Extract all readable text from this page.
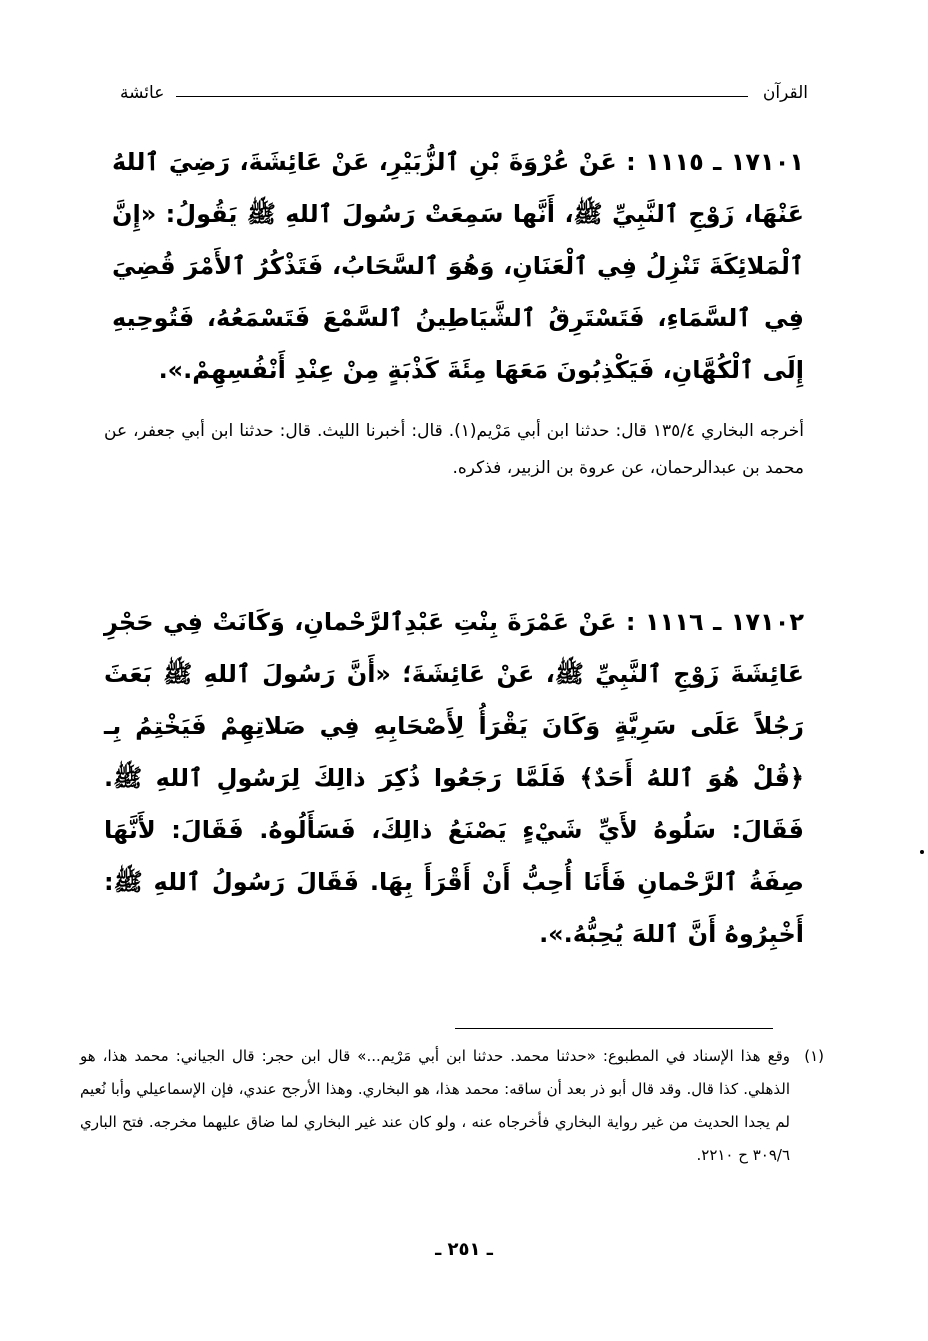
القرآن
عائشة
١٧١٠١ ـ ١١١٥ : عَنْ عُرْوَةَ بْنِ ٱلزُّبَيْرِ، عَنْ عَائِشَةَ، رَضِيَ ٱللهُ عَنْهَا، زَوْجِ ٱلنَّبِيِّ ﷺ، أَنَّها سَمِعَتْ رَسُولَ ٱللهِ ﷺ يَقُولُ: «إِنَّ ٱلْمَلائِكَةَ تَنْزِلُ فِي ٱلْعَنَانِ، وَهُوَ ٱلسَّحَابُ، فَتَذْكُرُ ٱلأَمْرَ قُضِيَ فِي ٱلسَّمَاءِ، فَتَسْتَرِقُ ٱلشَّيَاطِينُ ٱلسَّمْعَ فَتَسْمَعُهُ، فَتُوحِيهِ إِلَى ٱلْكُهَّانِ، فَيَكْذِبُونَ مَعَهَا مِئَةَ كَذْبَةٍ مِنْ عِنْدِ أَنْفُسِهِمْ.».
أخرجه البخاري ١٣٥/٤ قال: حدثنا ابن أبي مَرْيم(١). قال: أخبرنا الليث. قال: حدثنا ابن أبي جعفر، عن محمد بن عبدالرحمان، عن عروة بن الزبير، فذكره.
١٧١٠٢ ـ ١١١٦ : عَنْ عَمْرَةَ بِنْتِ عَبْدِٱلرَّحْمانِ، وَكَانَتْ فِي حَجْرِ عَائِشَةَ زَوْجِ ٱلنَّبِيِّ ﷺ، عَنْ عَائِشَةَ؛ «أَنَّ رَسُولَ ٱللهِ ﷺ بَعَثَ رَجُلاً عَلَى سَرِيَّةٍ وَكَانَ يَقْرَأُ لِأَصْحَابِهِ فِي صَلاتِهِمْ فَيَخْتِمُ بِـ ﴿قُلْ هُوَ ٱللهُ أَحَدٌ﴾ فَلَمَّا رَجَعُوا ذُكِرَ ذالِكَ لِرَسُولِ ٱللهِ ﷺ. فَقَالَ: سَلُوهُ لأَيِّ شَيْءٍ يَصْنَعُ ذالِكَ، فَسَأَلُوهُ. فَقَالَ: لأَنَّهَا صِفَةُ ٱلرَّحْمانِ فَأَنَا أُحِبُّ أَنْ أَقْرَأَ بِهَا. فَقَالَ رَسُولُ ٱللهِ ﷺ: أَخْبِرُوهُ أَنَّ ٱللهَ يُحِبُّهُ.».
(١)
وقع هذا الإسناد في المطبوع: «حدثنا محمد. حدثنا ابن أبي مَرْيم...» قال ابن حجر: قال الجياني: محمد هذا، هو الذهلي. كذا قال. وقد قال أبو ذر بعد أن ساقه: محمد هذا، هو البخاري. وهذا الأرجح عندي، فإن الإسماعيلي وأبا نُعيم لم يجدا الحديث من غير رواية البخاري فأخرجاه عنه ، ولو كان عند غير البخاري لما ضاق عليهما مخرجه. فتح الباري ٣٠٩/٦ ح ٢٢١٠.
ـ ٢٥١ ـ
